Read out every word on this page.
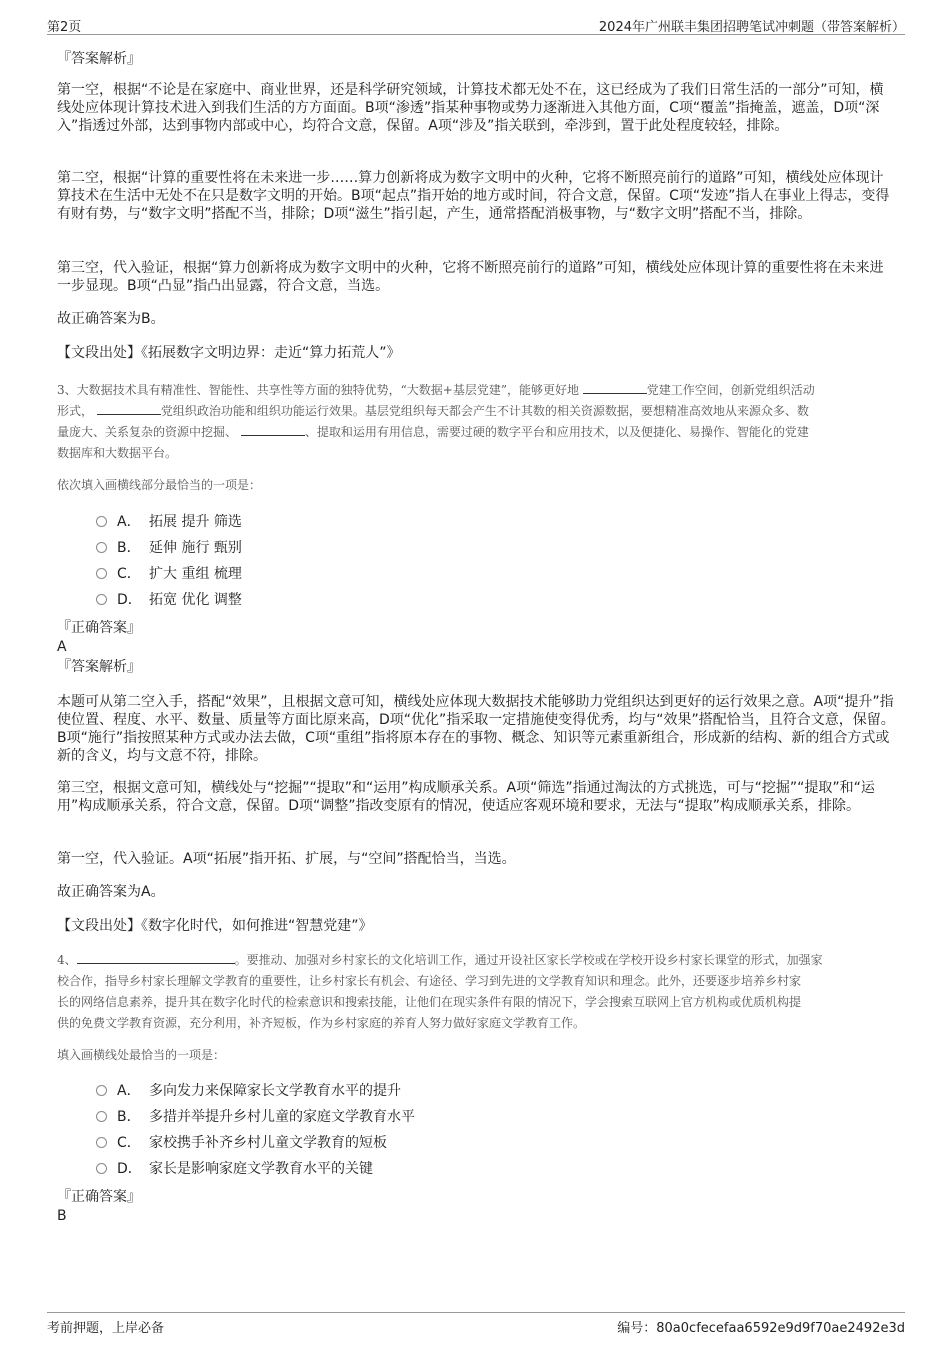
第2页	2024年广州联丰集团招聘笔试冲刺题（带答案解析）
『答案解析』
第一空，根据“不论是在家庭中、商业世界，还是科学研究领域，计算技术都无处不在，这已经成为了我们日常生活的一部分”可知，横线处应体现计算技术进入到我们生活的方方面面。B项“渗透”指某种事物或势力逐渐进入其他方面，C项“覆盖”指掩盖，遮盖，D项“深入”指透过外部，达到事物内部或中心，均符合文意，保留。A项“涉及”指关联到，牵涉到，置于此处程度较轻，排除。
第二空，根据“计算的重要性将在未来进一步……算力创新将成为数字文明中的火种，它将不断照亮前行的道路”可知，横线处应体现计算技术在生活中无处不在只是数字文明的开始。B项“起点”指开始的地方或时间，符合文意，保留。C项“发迹”指人在事业上得志，变得有财有势，与“数字文明”搭配不当，排除；D项“滋生”指引起，产生，通常搭配消极事物，与“数字文明”搭配不当，排除。
第三空，代入验证，根据“算力创新将成为数字文明中的火种，它将不断照亮前行的道路”可知，横线处应体现计算的重要性将在未来进一步显现。B项“凸显”指凸出显露，符合文意，当选。
故正确答案为B。
【文段出处】《拓展数字文明边界：走近“算力拓荒人”》
3、大数据技术具有精准性、智能性、共享性等方面的独特优势，“大数据+基层党建”，能够更好地	党建工作空间，创新党组织活动
形式，	党组织政治功能和组织功能运行效果。基层党组织每天都会产生不计其数的相关资源数据，要想精准高效地从来源众多、数
量庞大、关系复杂的资源中挖掘、	、提取和运用有用信息，需要过硬的数字平台和应用技术，以及便捷化、易操作、智能化的党建
数据库和大数据平台。
依次填入画横线部分最恰当的一项是：
A． 拓展 提升 筛选
B． 延伸 施行 甄别
C． 扩大 重组 梳理
D． 拓宽 优化 调整
『正确答案』
A
『答案解析』
本题可从第二空入手，搭配“效果”，且根据文意可知，横线处应体现大数据技术能够助力党组织达到更好的运行效果之意。A项“提升”指使位置、程度、水平、数量、质量等方面比原来高，D项“优化”指采取一定措施使变得优秀，均与“效果”搭配恰当，且符合文意，保留。B项“施行”指按照某种方式或办法去做，C项“重组”指将原本存在的事物、概念、知识等元素重新组合，形成新的结构、新的组合方式或新的含义，均与文意不符，排除。
第三空，根据文意可知，横线处与“挖掘”“提取”和“运用”构成顺承关系。A项“筛选”指通过淘汰的方式挑选，可与“挖掘”“提取”和“运用”构成顺承关系，符合文意，保留。D项“调整”指改变原有的情况，使适应客观环境和要求，无法与“提取”构成顺承关系，排除。
第一空，代入验证。A项“拓展”指开拓、扩展，与“空间”搭配恰当，当选。
故正确答案为A。
【文段出处】《数字化时代，如何推进“智慧党建”》
4、	。要推动、加强对乡村家长的文化培训工作，通过开设社区家长学校或在学校开设乡村家长课堂的形式，加强家
校合作，指导乡村家长理解文学教育的重要性，让乡村家长有机会、有途径、学习到先进的文学教育知识和理念。此外，还要逐步培养乡村家
长的网络信息素养，提升其在数字化时代的检索意识和搜索技能，让他们在现实条件有限的情况下，学会搜索互联网上官方机构或优质机构提
供的免费文学教育资源，充分利用，补齐短板，作为乡村家庭的养育人努力做好家庭文学教育工作。
填入画横线处最恰当的一项是：
A． 多向发力来保障家长文学教育水平的提升
B． 多措并举提升乡村儿童的家庭文学教育水平
C． 家校携手补齐乡村儿童文学教育的短板
D． 家长是影响家庭文学教育水平的关键
『正确答案』
B
考前押题，上岸必备	编号：80a0cfecefaa6592e9d9f70ae2492e3d
